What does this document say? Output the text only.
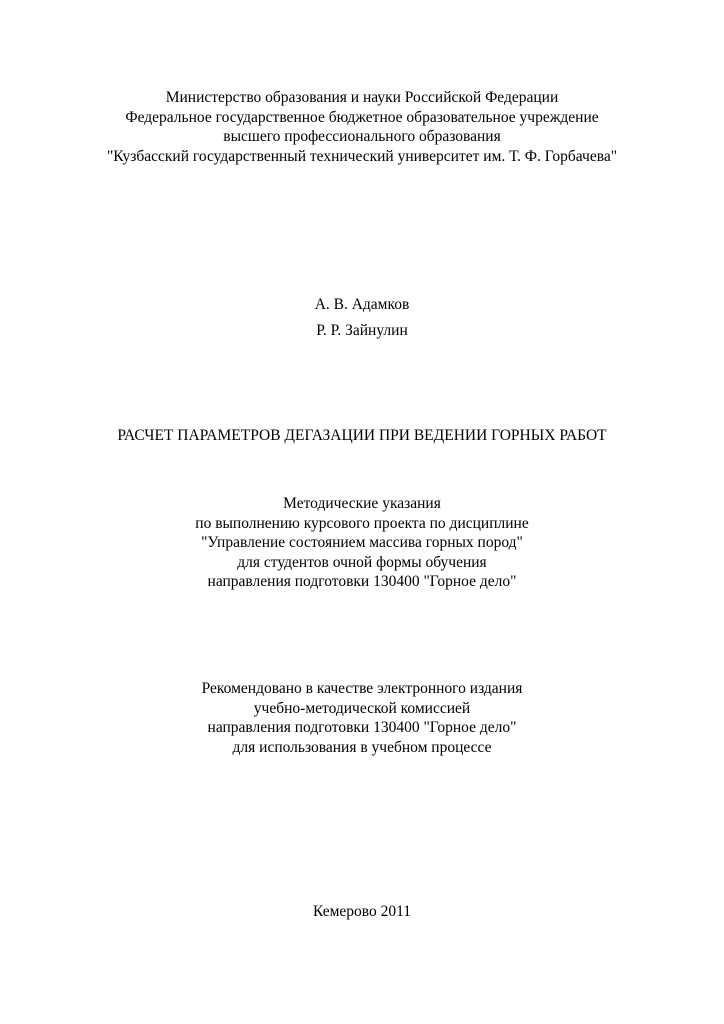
Министерство образования и науки Российской Федерации
Федеральное государственное бюджетное образовательное учреждение
высшего профессионального образования
"Кузбасский государственный технический университет им. Т. Ф. Горбачева"
А. В. Адамков
Р. Р. Зайнулин
РАСЧЕТ ПАРАМЕТРОВ ДЕГАЗАЦИИ ПРИ ВЕДЕНИИ ГОРНЫХ РАБОТ
Методические указания
по выполнению курсового проекта по дисциплине
"Управление состоянием массива горных пород"
для студентов очной формы обучения
направления подготовки 130400 "Горное дело"
Рекомендовано в качестве электронного издания
учебно-методической комиссией
направления подготовки 130400 "Горное дело"
для использования в учебном процессе
Кемерово 2011
